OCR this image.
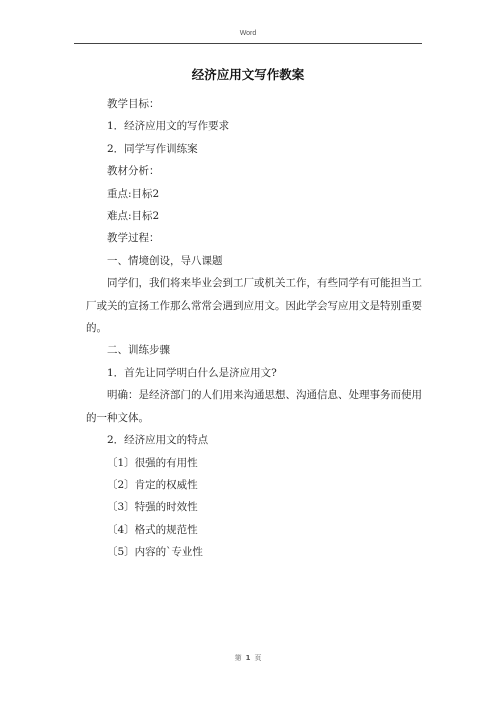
Word
经济应用文写作教案

教学目标：

1．经济应用文的写作要求

2．同学写作训练案

教材分析：

重点:目标2

难点:目标2

教学过程：

一、情境创设，导八课题

同学们，我们将来毕业会到工厂或机关工作，有些同学有可能担当工厂或关的宣扬工作那么常常会遇到应用文。因此学会写应用文是特别重要的。

二、训练步骤

1．首先让同学明白什么是济应用文?

明确：是经济部门的人们用来沟通思想、沟通信息、处理事务而使用的一种文体。

2．经济应用文的特点

〔1〕很强的有用性

〔2〕肯定的权威性

〔3〕特强的时效性

〔4〕格式的规范性

〔5〕内容的`专业性

第 1 页
